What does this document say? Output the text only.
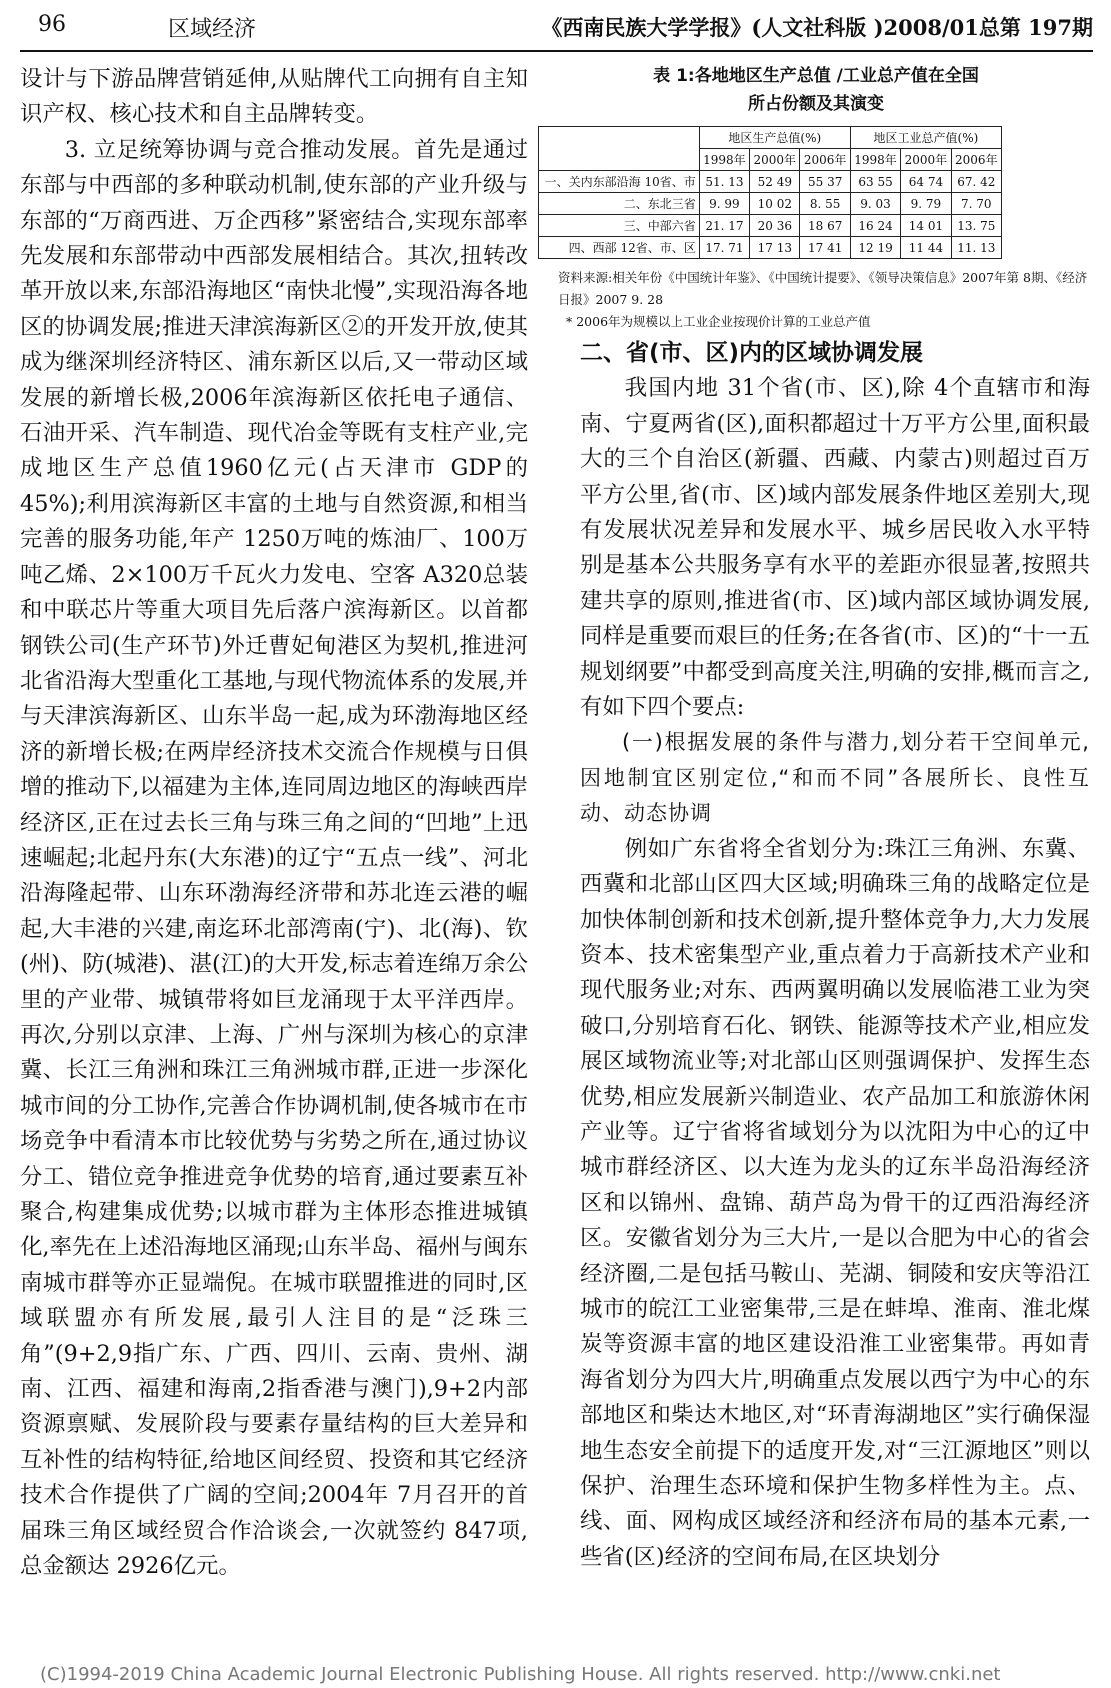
96	区域经济	《西南民族大学学报》(人文社科版 )2008/01总第 197期

设计与下游品牌营销延伸,从贴牌代工向拥有自主知识产权、核心技术和自主品牌转变。

3. 立足统筹协调与竞合推动发展。首先是通过东部与中西部的多种联动机制,使东部的产业升级与东部的“万商西进、万企西移”紧密结合,实现东部率先发展和东部带动中西部发展相结合。其次,扭转改革开放以来,东部沿海地区“南快北慢”,实现沿海各地区的协调发展;推进天津滨海新区②的开发开放,使其成为继深圳经济特区、浦东新区以后,又一带动区域发展的新增长极,2006年滨海新区依托电子通信、石油开采、汽车制造、现代冶金等既有支柱产业,完成地区生产总值1960亿元(占天津市 GDP的 45%);利用滨海新区丰富的土地与自然资源,和相当完善的服务功能,年产 1250万吨的炼油厂、100万吨乙烯、2×100万千瓦火力发电、空客 A320总装和中联芯片等重大项目先后落户滨海新区。以首都钢铁公司(生产环节)外迁曹妃甸港区为契机,推进河北省沿海大型重化工基地,与现代物流体系的发展,并与天津滨海新区、山东半岛一起,成为环渤海地区经济的新增长极;在两岸经济技术交流合作规模与日俱增的推动下,以福建为主体,连同周边地区的海峡西岸经济区,正在过去长三角与珠三角之间的“凹地”上迅速崛起;北起丹东(大东港)的辽宁“五点一线”、河北沿海隆起带、山东环渤海经济带和苏北连云港的崛起,大丰港的兴建,南迄环北部湾南(宁)、北(海)、钦(州)、防(城港)、湛(江)的大开发,标志着连绵万余公里的产业带、城镇带将如巨龙涌现于太平洋西岸。再次,分别以京津、上海、广州与深圳为核心的京津冀、长江三角洲和珠江三角洲城市群,正进一步深化城市间的分工协作,完善合作协调机制,使各城市在市场竞争中看清本市比较优势与劣势之所在,通过协议分工、错位竞争推进竞争优势的培育,通过要素互补聚合,构建集成优势;以城市群为主体形态推进城镇化,率先在上述沿海地区涌现;山东半岛、福州与闽东南城市群等亦正显端倪。在城市联盟推进的同时,区域联盟亦有所发展,最引人注目的是“泛珠三角”(9+2,9指广东、广西、四川、云南、贵州、湖南、江西、福建和海南,2指香港与澳门),9+2内部资源禀赋、发展阶段与要素存量结构的巨大差异和互补性的结构特征,给地区间经贸、投资和其它经济技术合作提供了广阔的空间;2004年 7月召开的首届珠三角区域经贸合作洽谈会,一次就签约 847项,总金额达 2926亿元。

表 1:各地地区生产总值 /工业总产值在全国
所占份额及其演变
	地区生产总值(%)			地区工业总产值(%)		
	1998年	2000年	2006年	1998年	2000年	2006年
一、关内东部沿海 10省、市	51. 13	52 49	55 37	63 55	64 74	67. 42
二、东北三省	9. 99	10 02	8. 55	9. 03	9. 79	7. 70
三、中部六省	21. 17	20 36	18 67	16 24	14 01	13. 75
四、西部 12省、市、区	17. 71	17 13	17 41	12 19	11 44	11. 13
资料来源:相关年份《中国统计年鉴》、《中国统计提要》、《领导决策信息》2007年第 8期、《经济日报》2007 9. 28
* 2006年为规模以上工业企业按现价计算的工业总产值

二、省(市、区)内的区域协调发展

我国内地 31个省(市、区),除 4个直辖市和海南、宁夏两省(区),面积都超过十万平方公里,面积最大的三个自治区(新疆、西藏、内蒙古)则超过百万平方公里,省(市、区)域内部发展条件地区差别大,现有发展状况差异和发展水平、城乡居民收入水平特别是基本公共服务享有水平的差距亦很显著,按照共建共享的原则,推进省(市、区)域内部区域协调发展,同样是重要而艰巨的任务;在各省(市、区)的“十一五规划纲要”中都受到高度关注,明确的安排,概而言之,有如下四个要点:

(一)根据发展的条件与潜力,划分若干空间单元,因地制宜区别定位,“和而不同”各展所长、良性互动、动态协调

例如广东省将全省划分为:珠江三角洲、东冀、西冀和北部山区四大区域;明确珠三角的战略定位是加快体制创新和技术创新,提升整体竞争力,大力发展资本、技术密集型产业,重点着力于高新技术产业和现代服务业;对东、西两翼明确以发展临港工业为突破口,分别培育石化、钢铁、能源等技术产业,相应发展区域物流业等;对北部山区则强调保护、发挥生态优势,相应发展新兴制造业、农产品加工和旅游休闲产业等。辽宁省将省域划分为以沈阳为中心的辽中城市群经济区、以大连为龙头的辽东半岛沿海经济区和以锦州、盘锦、葫芦岛为骨干的辽西沿海经济区。安徽省划分为三大片,一是以合肥为中心的省会经济圈,二是包括马鞍山、芜湖、铜陵和安庆等沿江城市的皖江工业密集带,三是在蚌埠、淮南、淮北煤炭等资源丰富的地区建设沿淮工业密集带。再如青海省划分为四大片,明确重点发展以西宁为中心的东部地区和柴达木地区,对“环青海湖地区”实行确保湿地生态安全前提下的适度开发,对“三江源地区”则以保护、治理生态环境和保护生物多样性为主。点、线、面、网构成区域经济和经济布局的基本元素,一些省(区)经济的空间布局,在区块划分

(C)1994-2019 China Academic Journal Electronic Publishing House. All rights reserved. http://www.cnki.net
